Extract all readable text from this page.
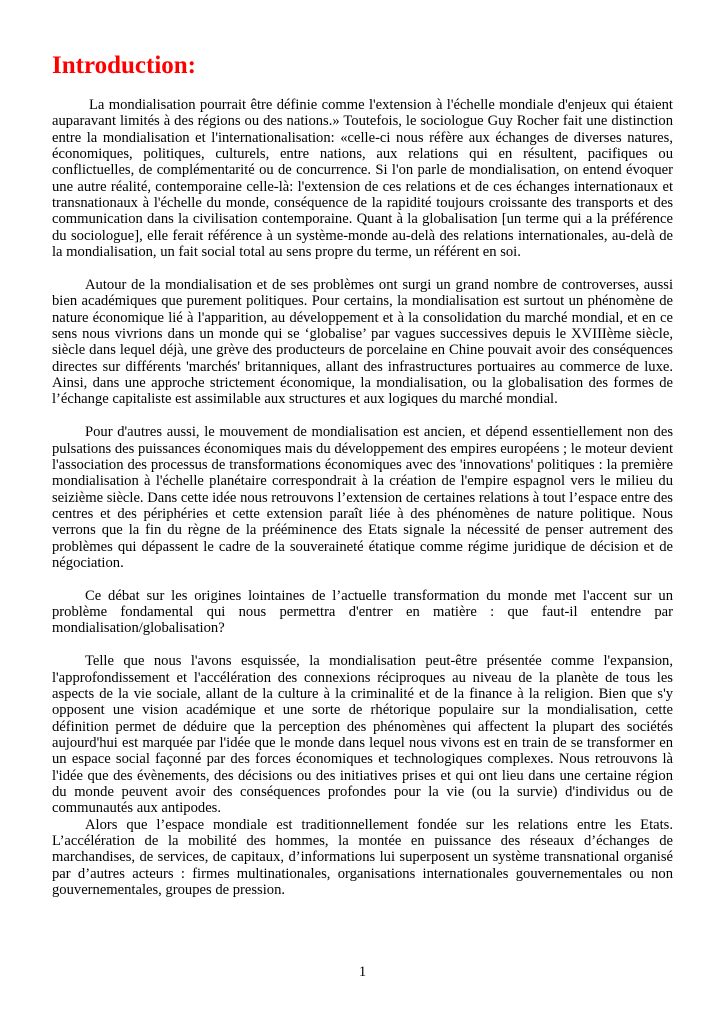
Introduction:

La mondialisation pourrait être définie comme l'extension à l'échelle mondiale d'enjeux qui étaient auparavant limités à des régions ou des nations.» Toutefois, le sociologue Guy Rocher fait une distinction entre la mondialisation et l'internationalisation: «celle-ci nous réfère aux échanges de diverses natures, économiques, politiques, culturels, entre nations, aux relations qui en résultent, pacifiques ou conflictuelles, de complémentarité ou de concurrence. Si l'on parle de mondialisation, on entend évoquer une autre réalité, contemporaine celle-là: l'extension de ces relations et de ces échanges internationaux et transnationaux à l'échelle du monde, conséquence de la rapidité toujours croissante des transports et des communication dans la civilisation contemporaine. Quant à la globalisation [un terme qui a la préférence du sociologue], elle ferait référence à un système-monde au-delà des relations internationales, au-delà de la mondialisation, un fait social total au sens propre du terme, un référent en soi.

Autour de la mondialisation et de ses problèmes ont surgi un grand nombre de controverses, aussi bien académiques que purement politiques. Pour certains, la mondialisation est surtout un phénomène de nature économique lié à l'apparition, au développement et à la consolidation du marché mondial, et en ce sens nous vivrions dans un monde qui se ‘globalise’ par vagues successives depuis le XVIIIème siècle, siècle dans lequel déjà, une grève des producteurs de porcelaine en Chine pouvait avoir des conséquences directes sur différents 'marchés' britanniques, allant des infrastructures portuaires au commerce de luxe. Ainsi, dans une approche strictement économique, la mondialisation, ou la globalisation des formes de l’échange capitaliste est assimilable aux structures et aux logiques du marché mondial.

Pour d'autres aussi, le mouvement de mondialisation est ancien, et dépend essentiellement non des pulsations des puissances économiques mais du développement des empires européens ; le moteur devient l'association des processus de transformations économiques avec des 'innovations' politiques : la première mondialisation à l'échelle planétaire correspondrait à la création de l'empire espagnol vers le milieu du seizième siècle. Dans cette idée nous retrouvons l’extension de certaines relations à tout l’espace entre des centres et des périphéries et cette extension paraît liée à des phénomènes de nature politique. Nous verrons que la fin du règne de la prééminence des Etats signale la nécessité de penser autrement des problèmes qui dépassent le cadre de la souveraineté étatique comme régime juridique de décision et de négociation.

Ce débat sur les origines lointaines de l’actuelle transformation du monde met l'accent sur un problème fondamental qui nous permettra d'entrer en matière : que faut-il entendre par mondialisation/globalisation?

Telle que nous l'avons esquissée, la mondialisation peut-être présentée comme l'expansion, l'approfondissement et l'accélération des connexions réciproques au niveau de la planète de tous les aspects de la vie sociale, allant de la culture à la criminalité et de la finance à la religion. Bien que s'y opposent une vision académique et une sorte de rhétorique populaire sur la mondialisation, cette définition permet de déduire que la perception des phénomènes qui affectent la plupart des sociétés aujourd'hui est marquée par l'idée que le monde dans lequel nous vivons est en train de se transformer en un espace social façonné par des forces économiques et technologiques complexes. Nous retrouvons là l'idée que des évènements, des décisions ou des initiatives prises et qui ont lieu dans une certaine région du monde peuvent avoir des conséquences profondes pour la vie (ou la survie) d'individus ou de communautés aux antipodes.

Alors que l’espace mondiale est traditionnellement fondée sur les relations entre les Etats. L’accélération de la mobilité des hommes, la montée en puissance des réseaux d’échanges de marchandises, de services, de capitaux, d’informations lui superposent un système transnational organisé par d’autres acteurs : firmes multinationales, organisations internationales gouvernementales ou non gouvernementales, groupes de pression.

1
